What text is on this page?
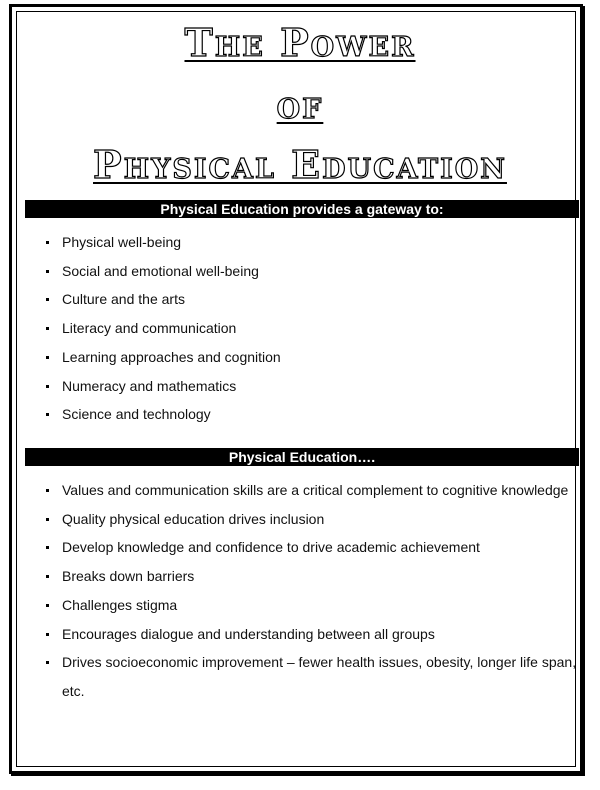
The Power
of
Physical Education
Physical Education provides a gateway to:
Physical well-being
Social and emotional well-being
Culture and the arts
Literacy and communication
Learning approaches and cognition
Numeracy and mathematics
Science and technology
Physical Education….
Values and communication skills are a critical complement to cognitive knowledge
Quality physical education drives inclusion
Develop knowledge and confidence to drive academic achievement
Breaks down barriers
Challenges stigma
Encourages dialogue and understanding between all groups
Drives socioeconomic improvement – fewer health issues, obesity, longer life span, etc.
